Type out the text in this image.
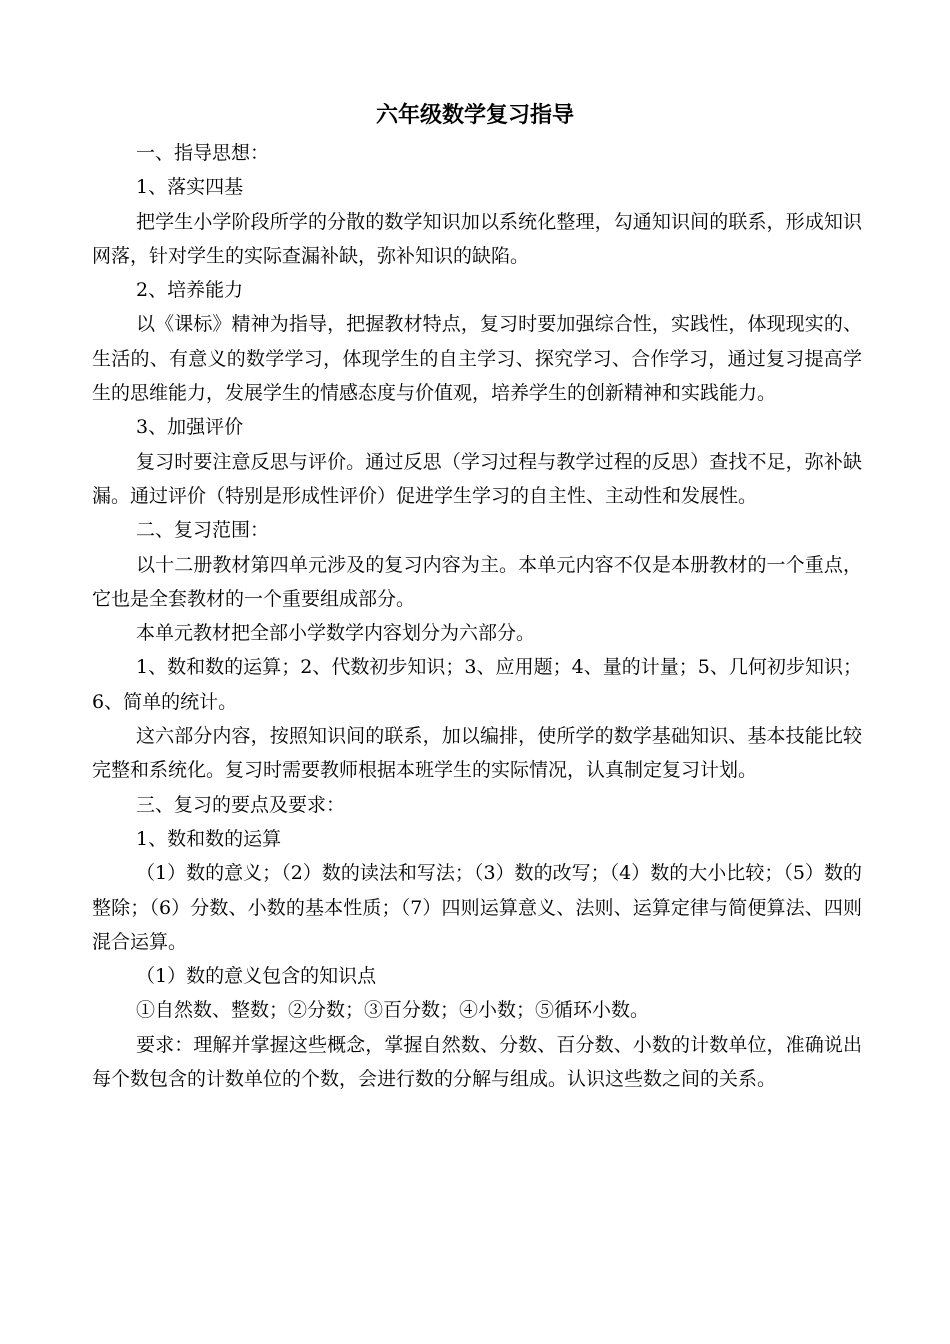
六年级数学复习指导

一、指导思想：

1、落实四基

把学生小学阶段所学的分散的数学知识加以系统化整理，勾通知识间的联系，形成知识网落，针对学生的实际查漏补缺，弥补知识的缺陷。

2、培养能力

以《课标》精神为指导，把握教材特点，复习时要加强综合性，实践性，体现现实的、生活的、有意义的数学学习，体现学生的自主学习、探究学习、合作学习，通过复习提高学生的思维能力，发展学生的情感态度与价值观，培养学生的创新精神和实践能力。

3、加强评价

复习时要注意反思与评价。通过反思（学习过程与教学过程的反思）查找不足，弥补缺漏。通过评价（特别是形成性评价）促进学生学习的自主性、主动性和发展性。

二、复习范围：

以十二册教材第四单元涉及的复习内容为主。本单元内容不仅是本册教材的一个重点，它也是全套教材的一个重要组成部分。

本单元教材把全部小学数学内容划分为六部分。

1、数和数的运算；2、代数初步知识；3、应用题；4、量的计量；5、几何初步知识；6、简单的统计。

这六部分内容，按照知识间的联系，加以编排，使所学的数学基础知识、基本技能比较完整和系统化。复习时需要教师根据本班学生的实际情况，认真制定复习计划。

三、复习的要点及要求：

1、数和数的运算

（1）数的意义；（2）数的读法和写法；（3）数的改写；（4）数的大小比较；（5）数的整除；（6）分数、小数的基本性质；（7）四则运算意义、法则、运算定律与简便算法、四则混合运算。

（1）数的意义包含的知识点

①自然数、整数；②分数；③百分数；④小数；⑤循环小数。

要求：理解并掌握这些概念，掌握自然数、分数、百分数、小数的计数单位，准确说出每个数包含的计数单位的个数，会进行数的分解与组成。认识这些数之间的关系。
